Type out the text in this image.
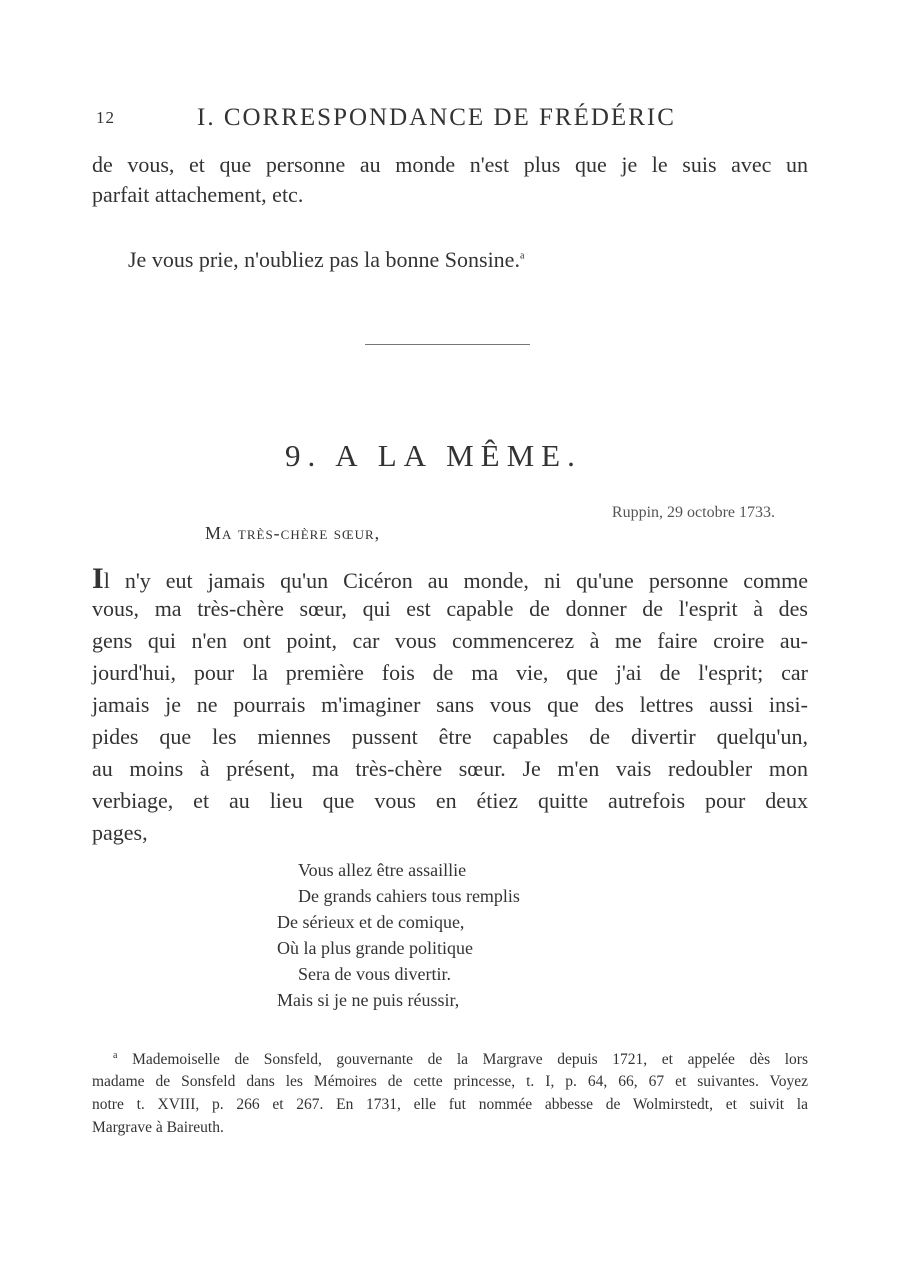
12	I. CORRESPONDANCE DE FRÉDÉRIC
de vous, et que personne au monde n'est plus que je le suis avec un
parfait attachement, etc.
Je vous prie, n'oubliez pas la bonne Sonsine.$^a$
9. A LA MÊME.
Ruppin, 29 octobre 1733.
Ma très-chère sœur,
Il n'y eut jamais qu'un Cicéron au monde, ni qu'une personne comme
vous, ma très-chère sœur, qui est capable de donner de l'esprit à des
gens qui n'en ont point, car vous commencerez à me faire croire au-
jourd'hui, pour la première fois de ma vie, que j'ai de l'esprit; car
jamais je ne pourrais m'imaginer sans vous que des lettres aussi insi-
pides que les miennes pussent être capables de divertir quelqu'un,
au moins à présent, ma très-chère sœur. Je m'en vais redoubler mon
verbiage, et au lieu que vous en étiez quitte autrefois pour deux
pages,
Vous allez être assaillie
De grands cahiers tous remplis
De sérieux et de comique,
Où la plus grande politique
Sera de vous divertir.
Mais si je ne puis réussir,
$^a$ Mademoiselle de Sonsfeld, gouvernante de la Margrave depuis 1721, et appelée dès lors
madame de Sonsfeld dans les Mémoires de cette princesse, t. I, p. 64, 66, 67 et suivantes. Voyez
notre t. XVIII, p. 266 et 267. En 1731, elle fut nommée abbesse de Wolmirstedt, et suivit la
Margrave à Baireuth.
